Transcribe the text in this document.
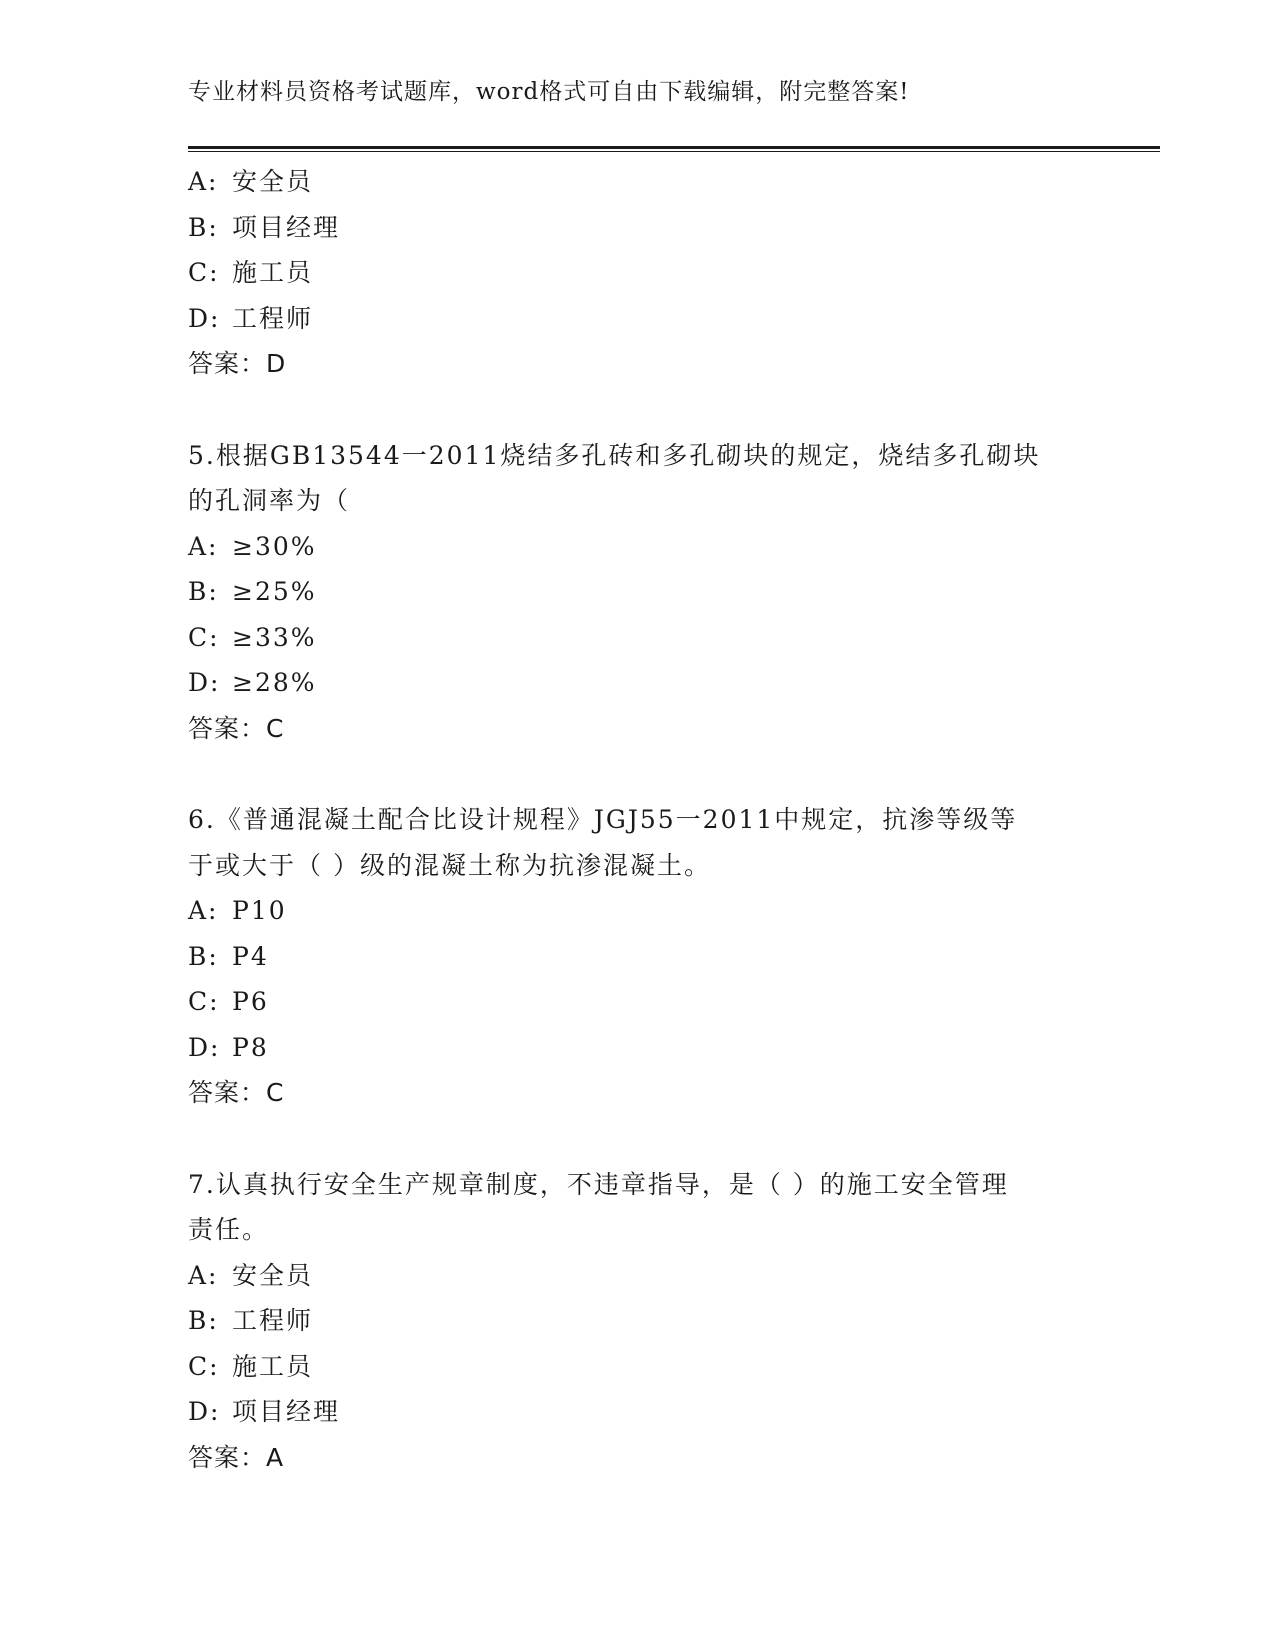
专业材料员资格考试题库，word格式可自由下载编辑，附完整答案!
A: 安全员
B: 项目经理
C: 施工员
D: 工程师
答案：D
5.根据GB13544一2011烧结多孔砖和多孔砌块的规定，烧结多孔砌块
的孔洞率为（
A: ≥30%
B: ≥25%
C: ≥33%
D: ≥28%
答案：C
6.《普通混凝土配合比设计规程》JGJ55一2011中规定，抗渗等级等
于或大于（ ）级的混凝土称为抗渗混凝土。
A: P10
B: P4
C: P6
D: P8
答案：C
7.认真执行安全生产规章制度，不违章指导，是（ ）的施工安全管理
责任。
A: 安全员
B: 工程师
C: 施工员
D: 项目经理
答案：A
